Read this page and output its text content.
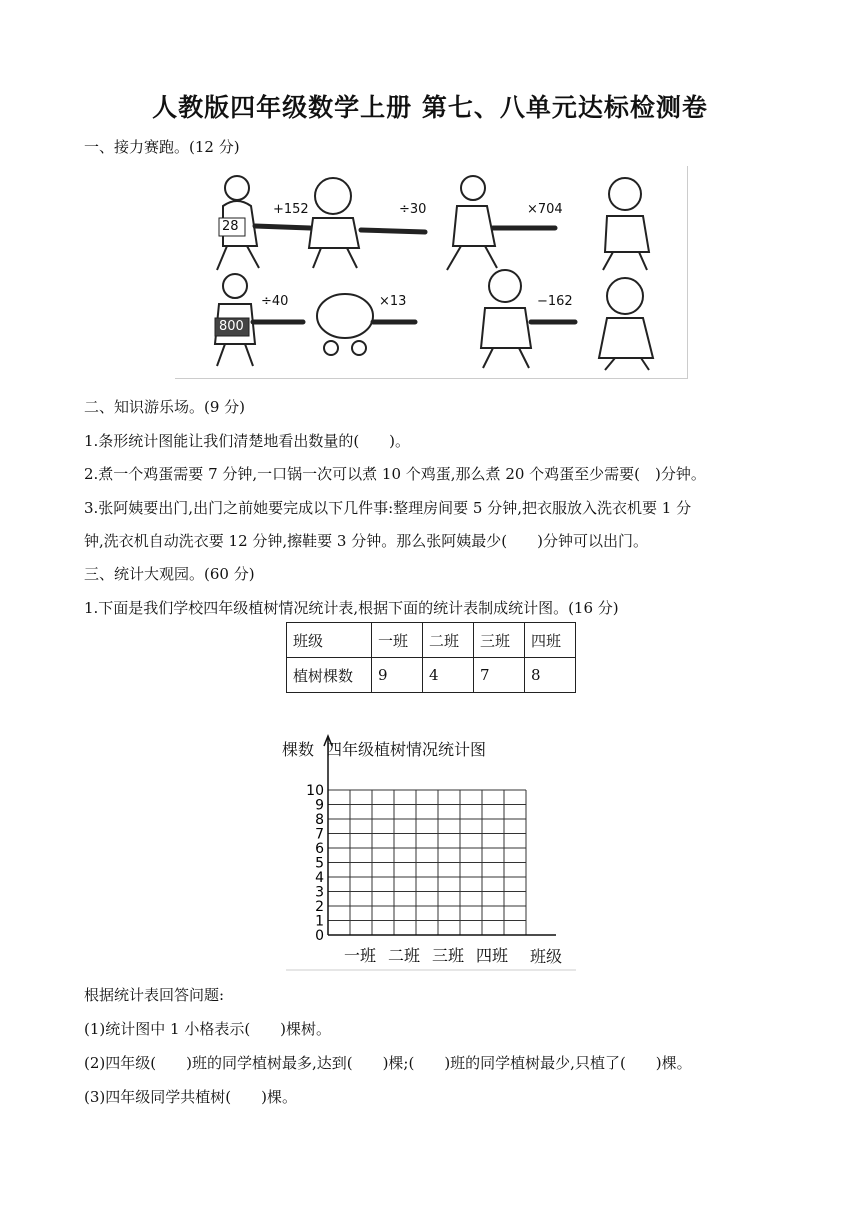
人教版四年级数学上册 第七、八单元达标检测卷
一、接力赛跑。(12 分)
28
800
+152	÷30	×704
÷40	×13	−162
二、知识游乐场。(9 分)
1.条形统计图能让我们清楚地看出数量的(　　)。
2.煮一个鸡蛋需要 7 分钟,一口锅一次可以煮 10 个鸡蛋,那么煮 20 个鸡蛋至少需要(　)分钟。
3.张阿姨要出门,出门之前她要完成以下几件事:整理房间要 5 分钟,把衣服放入洗衣机要 1 分
钟,洗衣机自动洗衣要 12 分钟,擦鞋要 3 分钟。那么张阿姨最少(　　)分钟可以出门。
三、统计大观园。(60 分)
1.下面是我们学校四年级植树情况统计表,根据下面的统计表制成统计图。(16 分)
班级	一班	二班	三班	四班
植树棵数	9	4	7	8
棵数 四年级植树情况统计图
班级
0
1
2
3
4
5
6
7
8
9
10
一班 二班 三班 四班
根据统计表回答问题:
(1)统计图中 1 小格表示(　　)棵树。
(2)四年级(　　)班的同学植树最多,达到(　　)棵;(　　)班的同学植树最少,只植了(　　)棵。
(3)四年级同学共植树(　　)棵。
